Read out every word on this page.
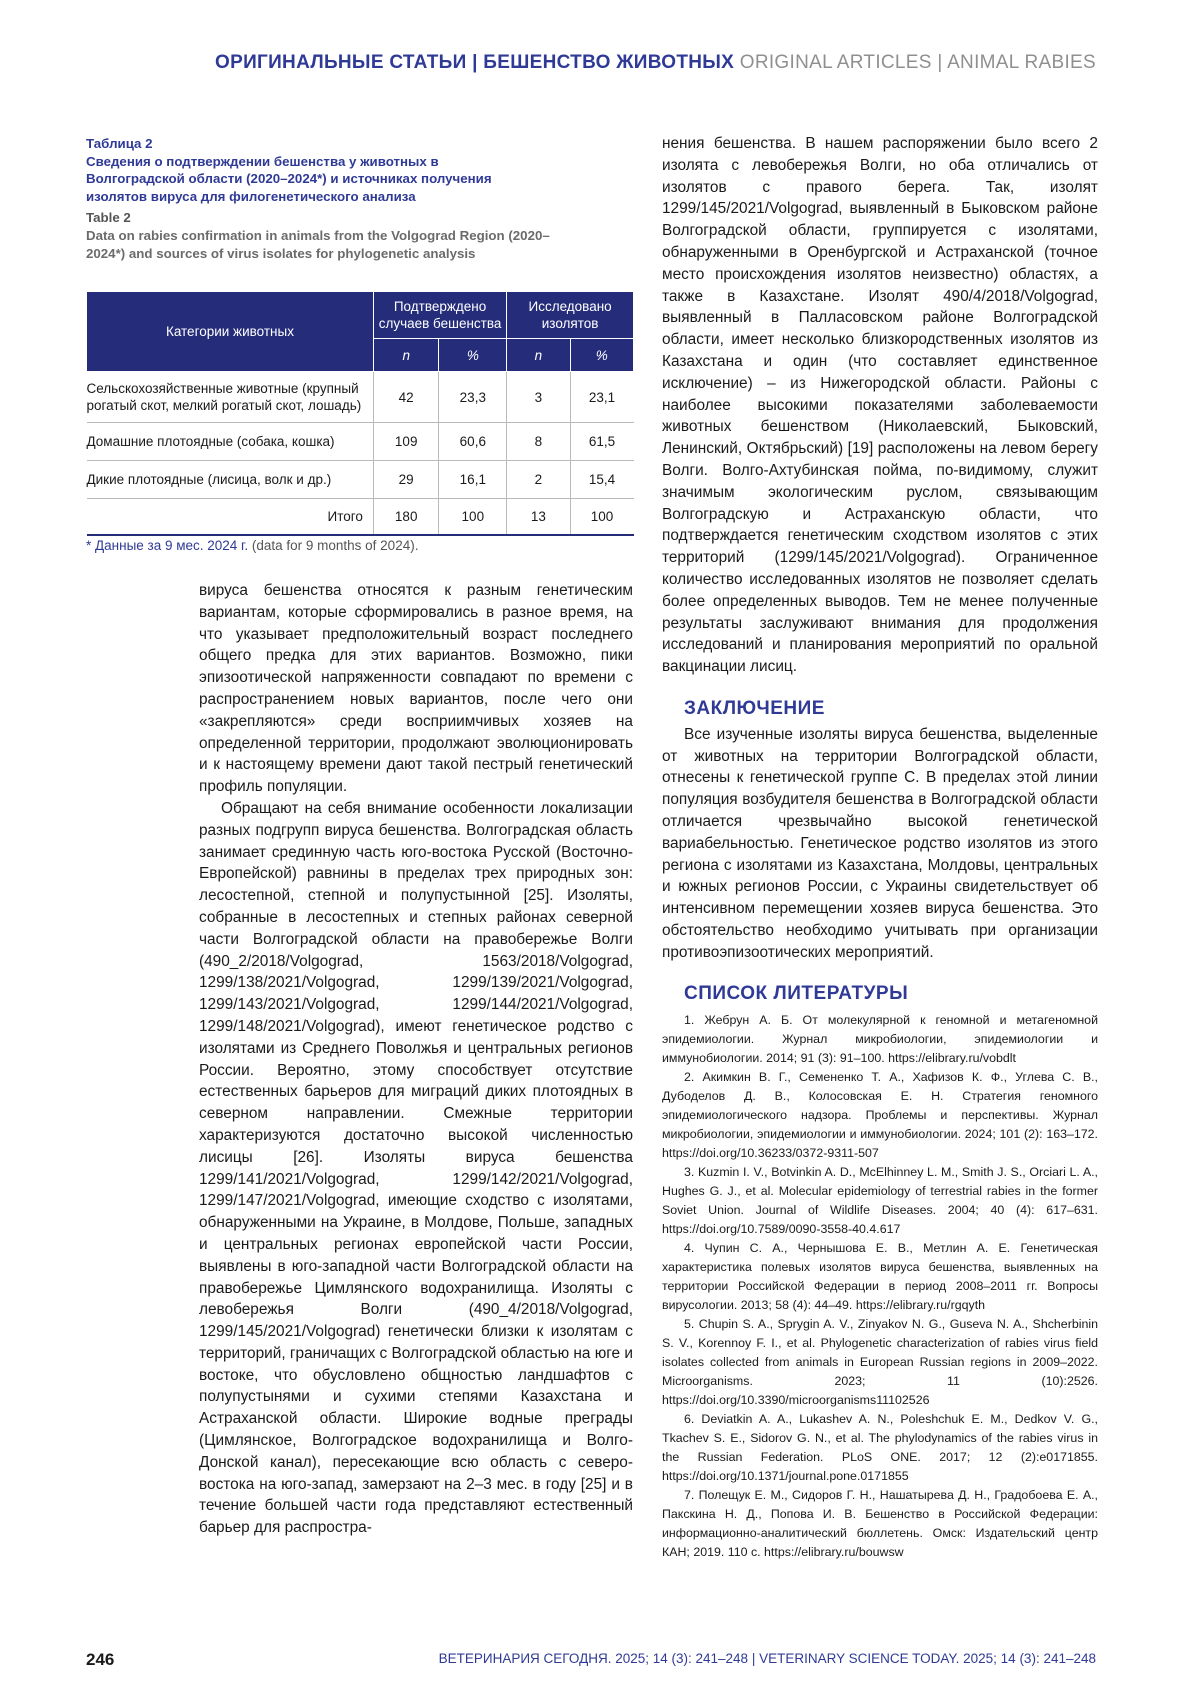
ОРИГИНАЛЬНЫЕ СТАТЬИ | БЕШЕНСТВО ЖИВОТНЫХ ORIGINAL ARTICLES | ANIMAL RABIES
Таблица 2
Сведения о подтверждении бешенства у животных в Волгоградской области (2020–2024*) и источниках получения изолятов вируса для филогенетического анализа
Table 2
Data on rabies confirmation in animals from the Volgograd Region (2020–2024*) and sources of virus isolates for phylogenetic analysis
Категории животных	Подтверждено случаев бешенства		Исследовано изолятов	
	n	%	n	%
Сельскохозяйственные животные (крупный рогатый скот, мелкий рогатый скот, лошадь)	42	23,3	3	23,1
Домашние плотоядные (собака, кошка)	109	60,6	8	61,5
Дикие плотоядные (лисица, волк и др.)	29	16,1	2	15,4
Итого	180	100	13	100
* Данные за 9 мес. 2024 г. (data for 9 months of 2024).

вируса бешенства относятся к разным генетическим вариантам, которые сформировались в разное время, на что указывает предположительный возраст последнего общего предка для этих вариантов. Возможно, пики эпизоотической напряженности совпадают по времени с распространением новых вариантов, после чего они «закрепляются» среди восприимчивых хозяев на определенной территории, продолжают эволюционировать и к настоящему времени дают такой пестрый генетический профиль популяции.

Обращают на себя внимание особенности локализации разных подгрупп вируса бешенства. Волгоградская область занимает срединную часть юго-востока Русской (Восточно-Европейской) равнины в пределах трех природных зон: лесостепной, степной и полупустынной [25]. Изоляты, собранные в лесостепных и степных районах северной части Волгоградской области на правобережье Волги (490_2/2018/Volgograd, 1563/2018/Volgograd, 1299/138/2021/Volgograd, 1299/139/2021/Volgograd, 1299/143/2021/Volgograd, 1299/144/2021/Volgograd, 1299/148/2021/Volgograd), имеют генетическое родство с изолятами из Среднего Поволжья и центральных регионов России. Вероятно, этому способствует отсутствие естественных барьеров для миграций диких плотоядных в северном направлении. Смежные территории характеризуются достаточно высокой численностью лисицы [26]. Изоляты вируса бешенства 1299/141/2021/Volgograd, 1299/142/2021/Volgograd, 1299/147/2021/Volgograd, имеющие сходство с изолятами, обнаруженными на Украине, в Молдове, Польше, западных и центральных регионах европейской части России, выявлены в юго-западной части Волгоградской области на правобережье Цимлянского водохранилища. Изоляты с левобережья Волги (490_4/2018/Volgograd, 1299/145/2021/Volgograd) генетически близки к изолятам с территорий, граничащих с Волгоградской областью на юге и востоке, что обусловлено общностью ландшафтов с полупустынями и сухими степями Казахстана и Астраханской области. Широкие водные преграды (Цимлянское, Волгоградское водохранилища и Волго-Донской канал), пересекающие всю область с северо-востока на юго-запад, замерзают на 2–3 мес. в году [25] и в течение большей части года представляют естественный барьер для распростра-

нения бешенства. В нашем распоряжении было всего 2 изолята с левобережья Волги, но оба отличались от изолятов с правого берега. Так, изолят 1299/145/2021/Volgograd, выявленный в Быковском районе Волгоградской области, группируется с изолятами, обнаруженными в Оренбургской и Астраханской (точное место происхождения изолятов неизвестно) областях, а также в Казахстане. Изолят 490/4/2018/Volgograd, выявленный в Палласовском районе Волгоградской области, имеет несколько близкородственных изолятов из Казахстана и один (что составляет единственное исключение) – из Нижегородской области. Районы с наиболее высокими показателями заболеваемости животных бешенством (Николаевский, Быковский, Ленинский, Октябрьский) [19] расположены на левом берегу Волги. Волго-Ахтубинская пойма, по-видимому, служит значимым экологическим руслом, связывающим Волгоградскую и Астраханскую области, что подтверждается генетическим сходством изолятов с этих территорий (1299/145/2021/Volgograd). Ограниченное количество исследованных изолятов не позволяет сделать более определенных выводов. Тем не менее полученные результаты заслуживают внимания для продолжения исследований и планирования мероприятий по оральной вакцинации лисиц.

ЗАКЛЮЧЕНИЕ

Все изученные изоляты вируса бешенства, выделенные от животных на территории Волгоградской области, отнесены к генетической группе C. В пределах этой линии популяция возбудителя бешенства в Волгоградской области отличается чрезвычайно высокой генетической вариабельностью. Генетическое родство изолятов из этого региона с изолятами из Казахстана, Молдовы, центральных и южных регионов России, с Украины свидетельствует об интенсивном перемещении хозяев вируса бешенства. Это обстоятельство необходимо учитывать при организации противоэпизоотических мероприятий.

СПИСОК ЛИТЕРАТУРЫ

1. Жебрун А. Б. От молекулярной к геномной и метагеномной эпидемиологии. Журнал микробиологии, эпидемиологии и иммунобиологии. 2014; 91 (3): 91–100. https://elibrary.ru/vobdlt

2. Акимкин В. Г., Семененко Т. А., Хафизов К. Ф., Углева С. В., Дубоделов Д. В., Колосовская Е. Н. Стратегия геномного эпидемиологического надзора. Проблемы и перспективы. Журнал микробиологии, эпидемиологии и иммунобиологии. 2024; 101 (2): 163–172. https://doi.org/10.36233/0372-9311-507

3. Kuzmin I. V., Botvinkin A. D., McElhinney L. M., Smith J. S., Orciari L. A., Hughes G. J., et al. Molecular epidemiology of terrestrial rabies in the former Soviet Union. Journal of Wildlife Diseases. 2004; 40 (4): 617–631. https://doi.org/10.7589/0090-3558-40.4.617

4. Чупин С. А., Чернышова Е. В., Метлин А. Е. Генетическая характеристика полевых изолятов вируса бешенства, выявленных на территории Российской Федерации в период 2008–2011 гг. Вопросы вирусологии. 2013; 58 (4): 44–49. https://elibrary.ru/rgqyth

5. Chupin S. A., Sprygin A. V., Zinyakov N. G., Guseva N. A., Shcherbinin S. V., Korennoy F. I., et al. Phylogenetic characterization of rabies virus field isolates collected from animals in European Russian regions in 2009–2022. Microorganisms. 2023; 11 (10):2526. https://doi.org/10.3390/microorganisms11102526

6. Deviatkin A. A., Lukashev A. N., Poleshchuk E. M., Dedkov V. G., Tkachev S. E., Sidorov G. N., et al. The phylodynamics of the rabies virus in the Russian Federation. PLoS ONE. 2017; 12 (2):e0171855. https://doi.org/10.1371/journal.pone.0171855

7. Полещук Е. М., Сидоров Г. Н., Нашатырева Д. Н., Градобоева Е. А., Пакскина Н. Д., Попова И. В. Бешенство в Российской Федерации: информационно-аналитический бюллетень. Омск: Издательский центр КАН; 2019. 110 с. https://elibrary.ru/bouwsw

246	ВЕТЕРИНАРИЯ СЕГОДНЯ. 2025; 14 (3): 241–248 | VETERINARY SCIENCE TODAY. 2025; 14 (3): 241–248
